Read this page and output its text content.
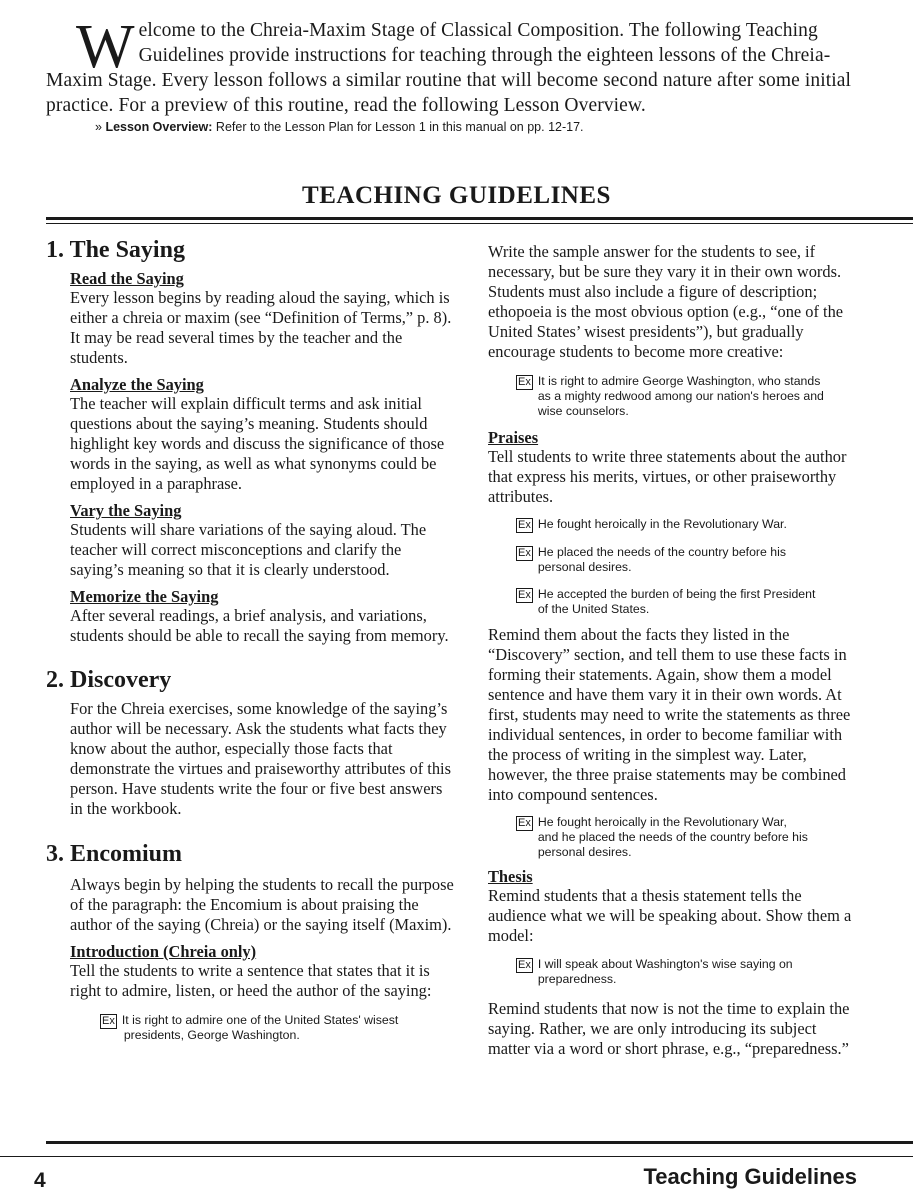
Welcome to the Chreia-Maxim Stage of Classical Composition. The following Teaching Guidelines provide instructions for teaching through the eighteen lessons of the Chreia-Maxim Stage. Every lesson follows a similar routine that will become second nature after some initial practice. For a preview of this routine, read the following Lesson Overview.
» Lesson Overview: Refer to the Lesson Plan for Lesson 1 in this manual on pp. 12-17.
TEACHING GUIDELINES
1. The Saying
Read the Saying

Every lesson begins by reading aloud the saying, which is either a chreia or maxim (see “Definition of Terms,” p. 8). It may be read several times by the teacher and the students.

Analyze the Saying

The teacher will explain difficult terms and ask initial questions about the saying’s meaning. Students should highlight key words and discuss the significance of those words in the saying, as well as what synonyms could be employed in a paraphrase.

Vary the Saying

Students will share variations of the saying aloud. The teacher will correct misconceptions and clarify the saying’s meaning so that it is clearly understood.

Memorize the Saying

After several readings, a brief analysis, and variations, students should be able to recall the saying from memory.

2. Discovery

For the Chreia exercises, some knowledge of the saying’s author will be necessary. Ask the students what facts they know about the author, especially those facts that demonstrate the virtues and praiseworthy attributes of this person. Have students write the four or five best answers in the workbook.

3. Encomium

Always begin by helping the students to recall the purpose of the paragraph: the Encomium is about praising the author of the saying (Chreia) or the saying itself (Maxim).

Introduction (Chreia only)

Tell the students to write a sentence that states that it is right to admire, listen, or heed the author of the saying:

Ex It is right to admire one of the United States' wisest
presidents, George Washington.

Write the sample answer for the students to see, if necessary, but be sure they vary it in their own words. Students must also include a figure of description; ethopoeia is the most obvious option (e.g., “one of the United States’ wisest presidents”), but gradually encourage students to become more creative:

Ex It is right to admire George Washington, who stands
as a mighty redwood among our nation's heroes and
wise counselors.
Praises

Tell students to write three statements about the author that express his merits, virtues, or other praiseworthy attributes.

Ex He fought heroically in the Revolutionary War.
Ex He placed the needs of the country before his
personal desires.
Ex He accepted the burden of being the first President
of the United States.

Remind them about the facts they listed in the “Discovery” section, and tell them to use these facts in forming their statements. Again, show them a model sentence and have them vary it in their own words. At first, students may need to write the statements as three individual sentences, in order to become familiar with the process of writing in the simplest way. Later, however, the three praise statements may be combined into compound sentences.

Ex He fought heroically in the Revolutionary War,
and he placed the needs of the country before his
personal desires.
Thesis

Remind students that a thesis statement tells the audience what we will be speaking about. Show them a model:

Ex I will speak about Washington's wise saying on
preparedness.

Remind students that now is not the time to explain the saying. Rather, we are only introducing its subject matter via a word or short phrase, e.g., “preparedness.”

4	Teaching Guidelines
